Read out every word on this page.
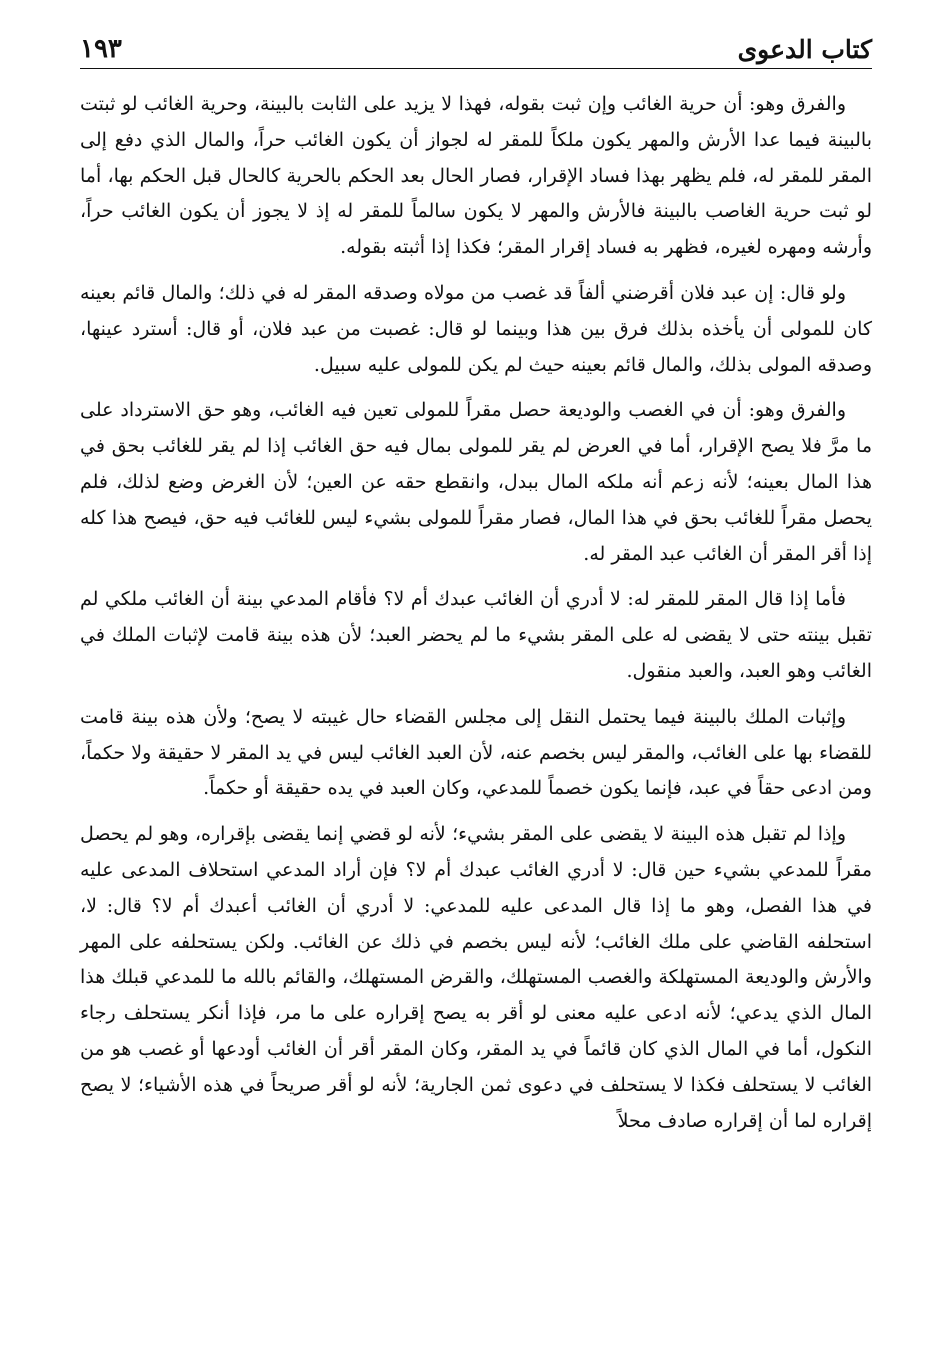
كتاب الدعوى
١٩٣

والفرق وهو: أن حرية الغائب وإن ثبت بقوله، فهذا لا يزيد على الثابت بالبينة، وحرية الغائب لو ثبتت بالبينة فيما عدا الأرش والمهر يكون ملكاً للمقر له لجواز أن يكون الغائب حراً، والمال الذي دفع إلى المقر للمقر له، فلم يظهر بهذا فساد الإقرار، فصار الحال بعد الحكم بالحرية كالحال قبل الحكم بها، أما لو ثبت حرية الغاصب بالبينة فالأرش والمهر لا يكون سالماً للمقر له إذ لا يجوز أن يكون الغائب حراً، وأرشه ومهره لغيره، فظهر به فساد إقرار المقر؛ فكذا إذا أثبته بقوله.

ولو قال: إن عبد فلان أقرضني ألفاً قد غصب من مولاه وصدقه المقر له في ذلك؛ والمال قائم بعينه كان للمولى أن يأخذه بذلك فرق بين هذا وبينما لو قال: غصبت من عبد فلان، أو قال: أسترد عينها، وصدقه المولى بذلك، والمال قائم بعينه حيث لم يكن للمولى عليه سبيل.

والفرق وهو: أن في الغصب والوديعة حصل مقراً للمولى تعين فيه الغائب، وهو حق الاسترداد على ما مرَّ فلا يصح الإقرار، أما في العرض لم يقر للمولى بمال فيه حق الغائب إذا لم يقر للغائب بحق في هذا المال بعينه؛ لأنه زعم أنه ملكه المال ببدل، وانقطع حقه عن العين؛ لأن الغرض وضع لذلك، فلم يحصل مقراً للغائب بحق في هذا المال، فصار مقراً للمولى بشيء ليس للغائب فيه حق، فيصح هذا كله إذا أقر المقر أن الغائب عبد المقر له.

فأما إذا قال المقر للمقر له: لا أدري أن الغائب عبدك أم لا؟ فأقام المدعي بينة أن الغائب ملكي لم تقبل بينته حتى لا يقضى له على المقر بشيء ما لم يحضر العبد؛ لأن هذه بينة قامت لإثبات الملك في الغائب وهو العبد، والعبد منقول.

وإثبات الملك بالبينة فيما يحتمل النقل إلى مجلس القضاء حال غيبته لا يصح؛ ولأن هذه بينة قامت للقضاء بها على الغائب، والمقر ليس بخصم عنه، لأن العبد الغائب ليس في يد المقر لا حقيقة ولا حكماً، ومن ادعى حقاً في عبد، فإنما يكون خصماً للمدعي، وكان العبد في يده حقيقة أو حكماً.

وإذا لم تقبل هذه البينة لا يقضى على المقر بشيء؛ لأنه لو قضي إنما يقضى بإقراره، وهو لم يحصل مقراً للمدعي بشيء حين قال: لا أدري الغائب عبدك أم لا؟ فإن أراد المدعي استحلاف المدعى عليه في هذا الفصل، وهو ما إذا قال المدعى عليه للمدعي: لا أدري أن الغائب أعبدك أم لا؟ قال: لا، استحلفه القاضي على ملك الغائب؛ لأنه ليس بخصم في ذلك عن الغائب. ولكن يستحلفه على المهر والأرش والوديعة المستهلكة والغصب المستهلك، والقرض المستهلك، والقائم بالله ما للمدعي قبلك هذا المال الذي يدعي؛ لأنه ادعى عليه معنى لو أقر به يصح إقراره على ما مر، فإذا أنكر يستحلف رجاء النكول، أما في المال الذي كان قائماً في يد المقر، وكان المقر أقر أن الغائب أودعها أو غصب هو من الغائب لا يستحلف فكذا لا يستحلف في دعوى ثمن الجارية؛ لأنه لو أقر صريحاً في هذه الأشياء؛ لا يصح إقراره لما أن إقراره صادف محلاً
